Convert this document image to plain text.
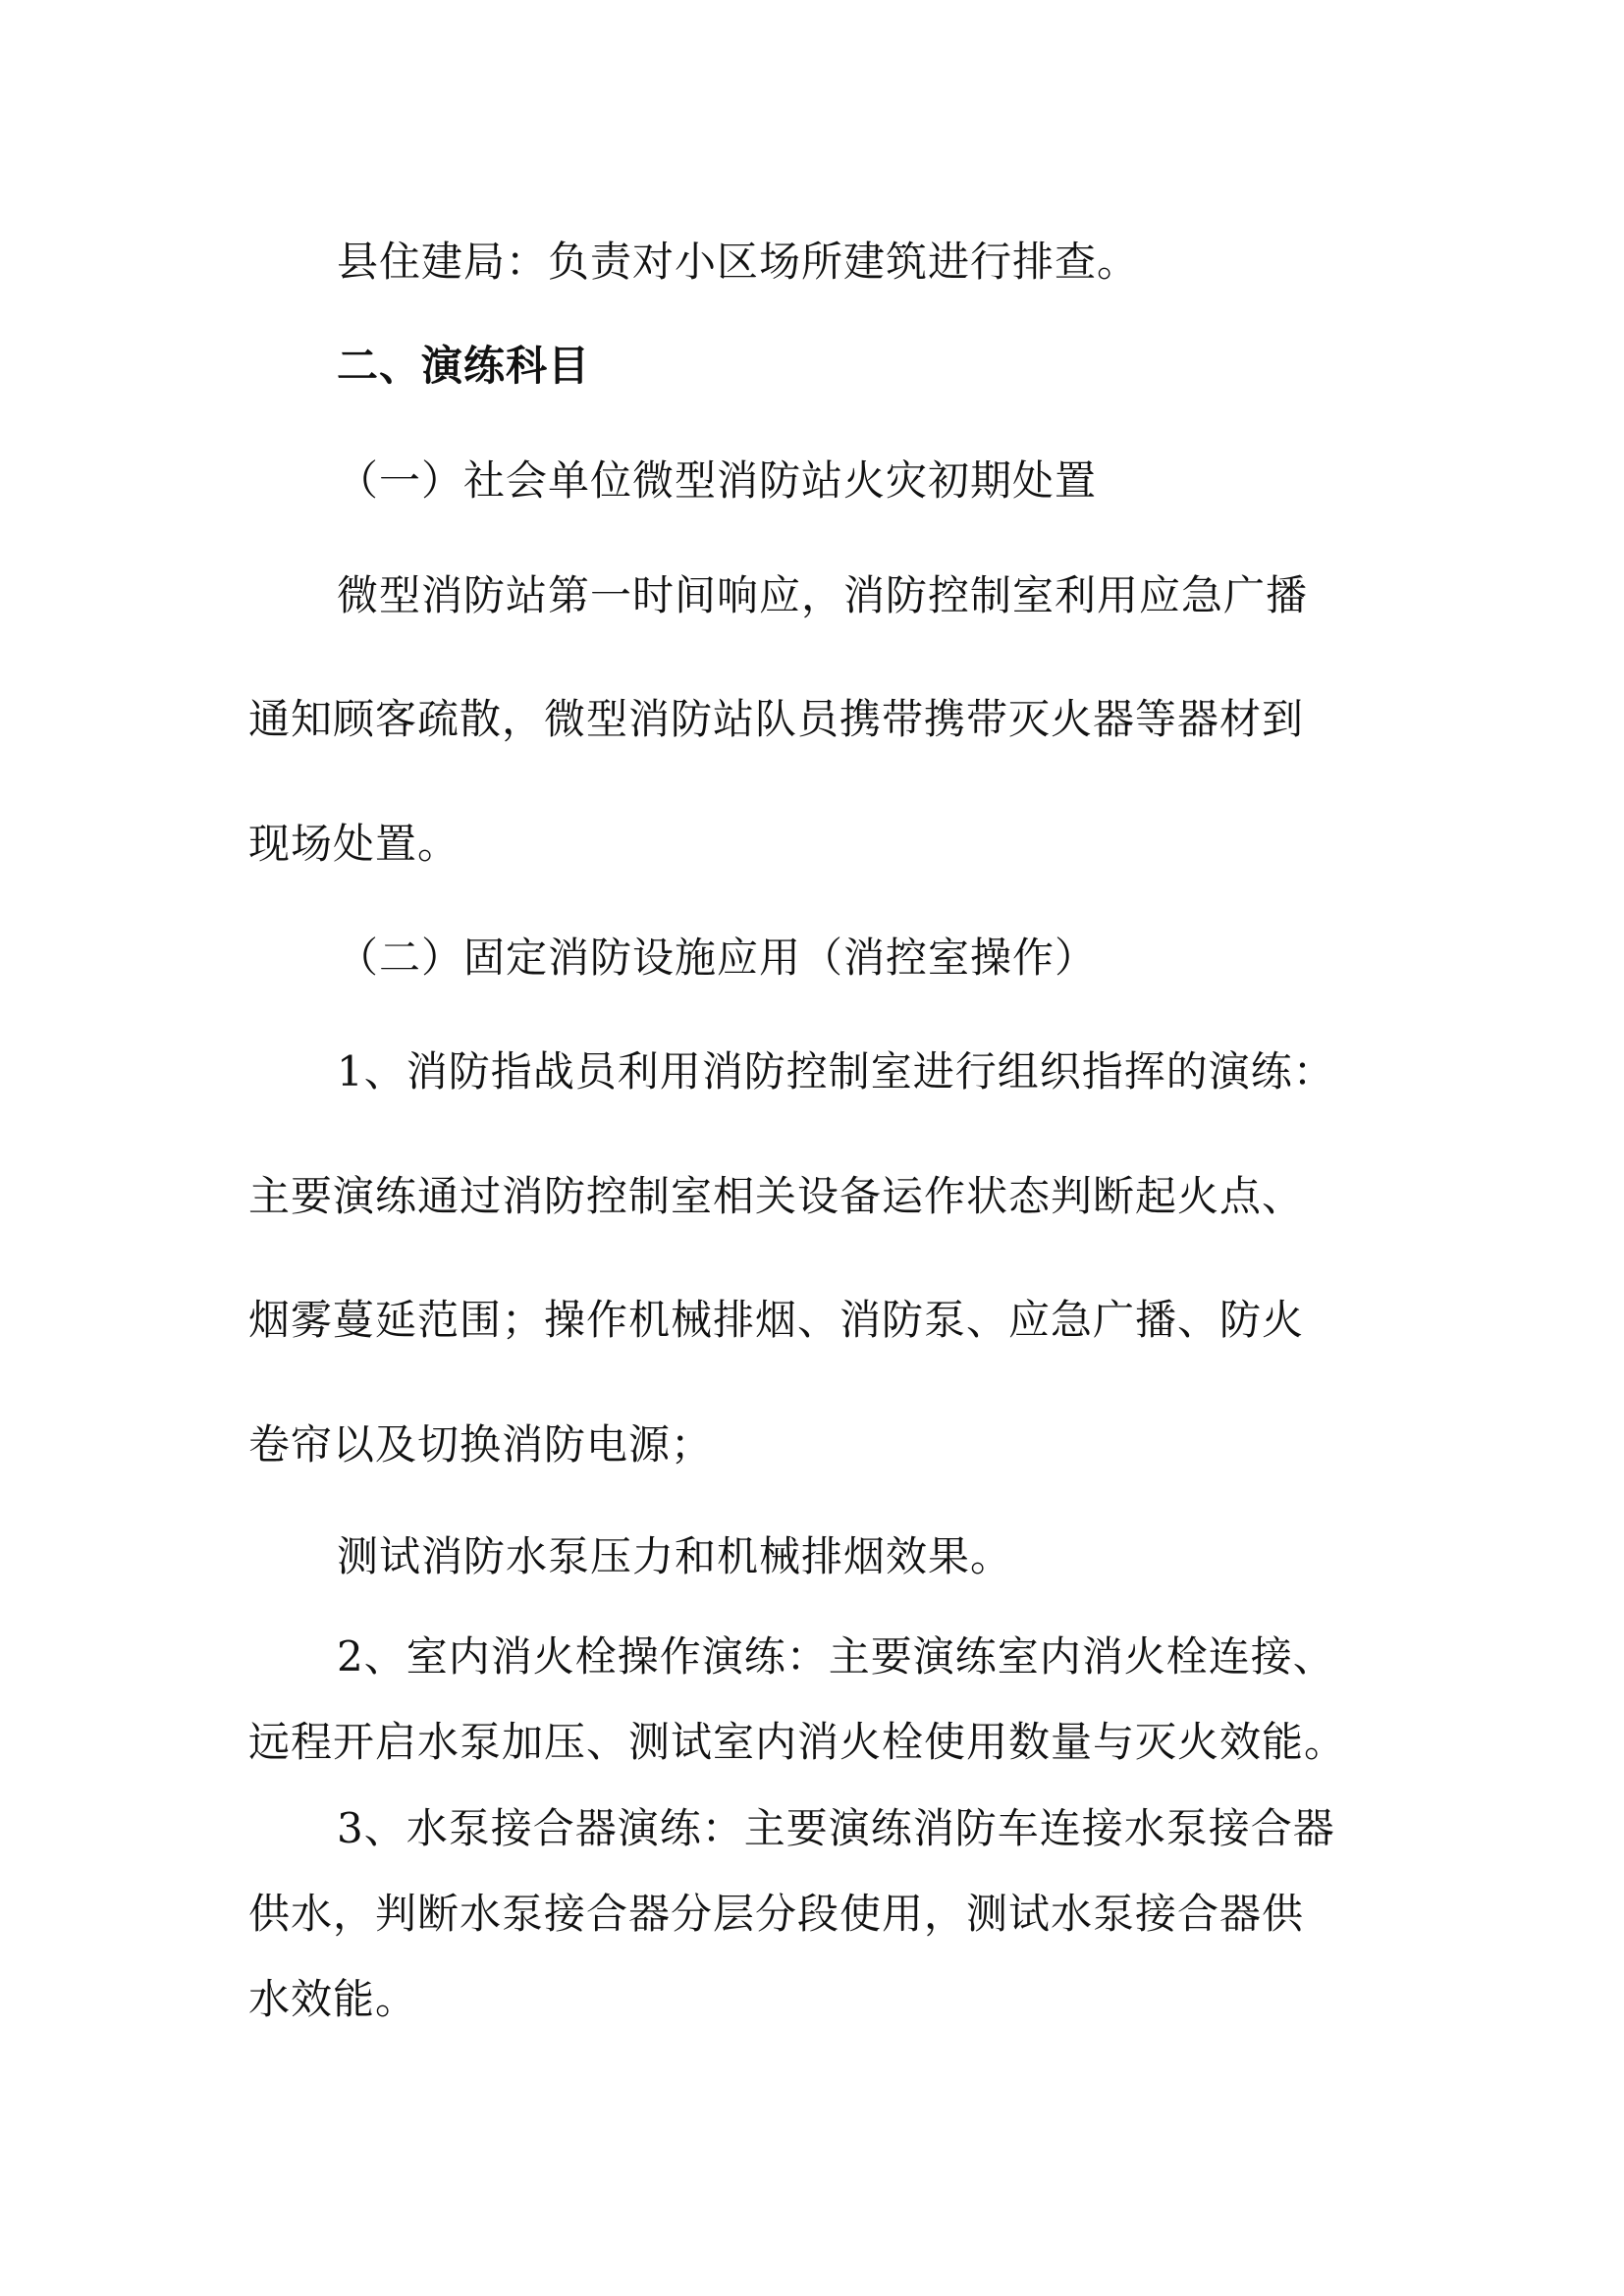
县住建局：负责对小区场所建筑进行排查。
二、演练科目
（一）社会单位微型消防站火灾初期处置
微型消防站第一时间响应，消防控制室利用应急广播
通知顾客疏散，微型消防站队员携带携带灭火器等器材到
现场处置。
（二）固定消防设施应用（消控室操作）
1、消防指战员利用消防控制室进行组织指挥的演练：
主要演练通过消防控制室相关设备运作状态判断起火点、
烟雾蔓延范围；操作机械排烟、消防泵、应急广播、防火
卷帘以及切换消防电源；
测试消防水泵压力和机械排烟效果。
2、室内消火栓操作演练：主要演练室内消火栓连接、
远程开启水泵加压、测试室内消火栓使用数量与灭火效能。
3、水泵接合器演练：主要演练消防车连接水泵接合器
供水，判断水泵接合器分层分段使用，测试水泵接合器供
水效能。
